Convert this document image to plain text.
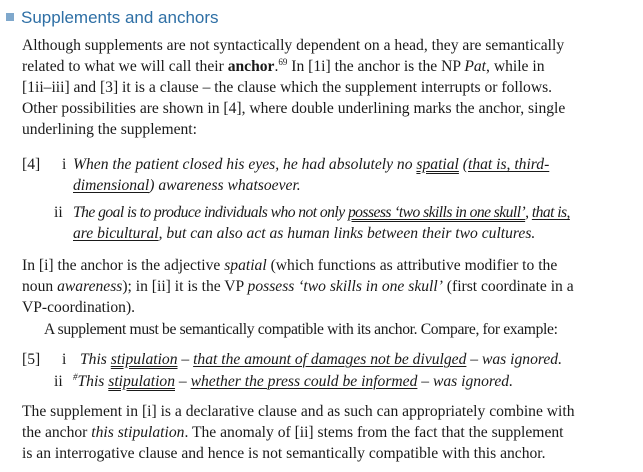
Supplements and anchors
Although supplements are not syntactically dependent on a head, they are semantically
related to what we will call their anchor.$^{69}$ In [1i] the anchor is the NP Pat, while in
[1ii–iii] and [3] it is a clause – the clause which the supplement interrupts or follows.
Other possibilities are shown in [4], where double underlining marks the anchor, single
underlining the supplement:
[4] i When the patient closed his eyes, he had absolutely no spatial (that is, third-
dimensional) awareness whatsoever.
ii The goal is to produce individuals who not only possess ‘two skills in one skull’, that is,
are bicultural, but can also act as human links between their two cultures.
In [i] the anchor is the adjective spatial (which functions as attributive modifier to the
noun awareness); in [ii] it is the VP possess ‘two skills in one skull’ (first coordinate in a
VP-coordination).
A supplement must be semantically compatible with its anchor. Compare, for example:
[5] i This stipulation – that the amount of damages not be divulged – was ignored.
ii #This stipulation – whether the press could be informed – was ignored.
The supplement in [i] is a declarative clause and as such can appropriately combine with
the anchor this stipulation. The anomaly of [ii] stems from the fact that the supplement
is an interrogative clause and hence is not semantically compatible with this anchor.
